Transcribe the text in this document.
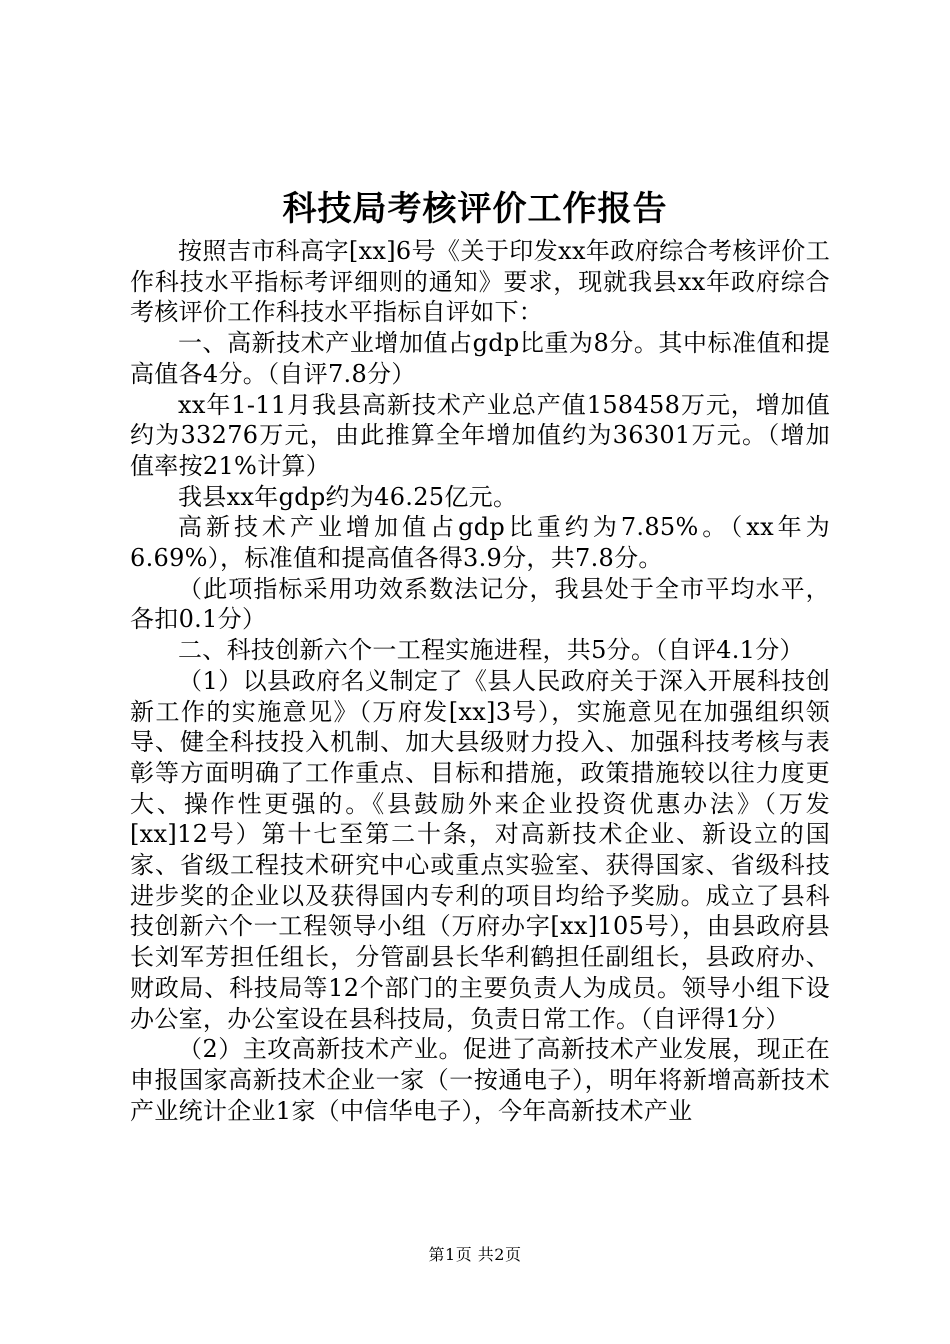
科技局考核评价工作报告

按照吉市科高字[xx]6号《关于印发xx年政府综合考核评价工作科技水平指标考评细则的通知》要求，现就我县xx年政府综合考核评价工作科技水平指标自评如下：

一、高新技术产业增加值占gdp比重为8分。其中标准值和提高值各4分。（自评7.8分）

xx年1-11月我县高新技术产业总产值158458万元，增加值约为33276万元，由此推算全年增加值约为36301万元。（增加值率按21%计算）

我县xx年gdp约为46.25亿元。

高新技术产业增加值占gdp比重约为7.85%。（xx年为6.69%），标准值和提高值各得3.9分，共7.8分。

（此项指标采用功效系数法记分，我县处于全市平均水平，各扣0.1分）

二、科技创新六个一工程实施进程，共5分。（自评4.1分）

（1）以县政府名义制定了《县人民政府关于深入开展科技创新工作的实施意见》（万府发[xx]3号），实施意见在加强组织领导、健全科技投入机制、加大县级财力投入、加强科技考核与表彰等方面明确了工作重点、目标和措施，政策措施较以往力度更大、操作性更强的。《县鼓励外来企业投资优惠办法》（万发[xx]12号）第十七至第二十条，对高新技术企业、新设立的国家、省级工程技术研究中心或重点实验室、获得国家、省级科技进步奖的企业以及获得国内专利的项目均给予奖励。成立了县科技创新六个一工程领导小组（万府办字[xx]105号），由县政府县长刘军芳担任组长，分管副县长华利鹤担任副组长，县政府办、财政局、科技局等12个部门的主要负责人为成员。领导小组下设办公室，办公室设在县科技局，负责日常工作。（自评得1分）

（2）主攻高新技术产业。促进了高新技术产业发展，现正在申报国家高新技术企业一家（一按通电子），明年将新增高新技术产业统计企业1家（中信华电子），今年高新技术产业

第1页 共2页
